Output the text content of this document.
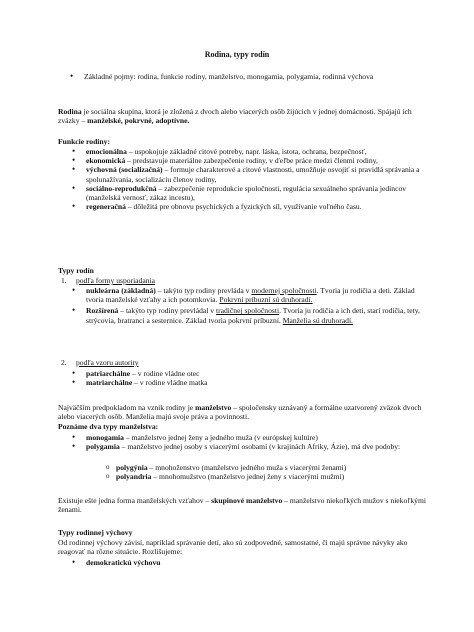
Rodina, typy rodín
• Základné pojmy: rodina, funkcie rodiny, manželstvo, monogamia, polygamia, rodinná výchova

Rodina je sociálna skupina, ktorá je zložená z dvoch alebo viacerých osôb žijúcich v jednej domácnosti. Spájajú ich zväzky – manželské, pokrvné, adoptívne.

Funkcie rodiny:

• emocionálna – uspokojuje základné citové potreby, napr. láska, istota, ochrana, bezpečnosť,
• ekonomická – predstavuje materiálne zabezpečenie rodiny, v ďeľbe práce medzi členmi rodiny,
• výchovná (socializačná) – formuje charakterové a citové vlastnosti, umožňuje osvojiť si pravidlá správania a spolunažívania, socializáciu členov rodiny,
• sociálno-reprodukčná – zabezpečenie reprodukcie spoločnosti, regulácia sexuálneho správania jedincov (manželská vernosť, zákaz incestu),
• regeneračná – dôležitá pre obnovu psychických a fyzických síl, využívanie voľného času.

Typy rodín

1. podľa formy usporiadania
• nukleárna (základná) – takýto typ rodiny prevláda v modernej spoločnosti. Tvoria ju rodičia a deti. Základ tvoria manželské vzťahy a ich potomkovia. Pokrvní príbuzní sú druhoradí.
• Rozšírená – takýto typ rodiny prevládal v tradičnej spoločnosti. Tvoria ju rodičia a ich deti, starí rodičia, tety, strýcovia, bratranci a sesternice. Základ tvoria pokrvní príbuzní. Manželia sú druhoradí.
2. podľa vzoru autority
• patriarchálne – v rodine vládne otec
• matriarchálne – v rodine vládne matka

Najväčším predpokladom na vznik rodiny je manželstvo – spoločensky uznávaný a formálne uzatvorený zväzok dvoch alebo viacerých osôb. Manželia majú svoje práva a povinnosti.

Poznáme dva typy manželstva:

• monogamia – manželstvo jednej ženy a jedného muža (v európskej kultúre)
• polygamia – manželstvo jednej osoby s viacerými osobami (v krajinách Afriky, Ázie), má dve podoby:
o polygýnia – mnohoženstvo (manželstvo jedného muža s viacerými ženami)
o polyandria – mnohomužstvo (manželstvo jednej ženy s viacerými mužmi)

Existuje ešte jedna forma manželských vzťahov – skupinové manželstvo – manželstvo niekoľkých mužov s niekoľkými ženami.

Typy rodinnej výchovy

Od rodinnej výchovy závisí, napríklad správanie detí, ako sú zodpovedné, samostatné, či majú správne návyky ako reagovať na rôzne situácie. Rozlišujeme:

• demokratickú výchovu
